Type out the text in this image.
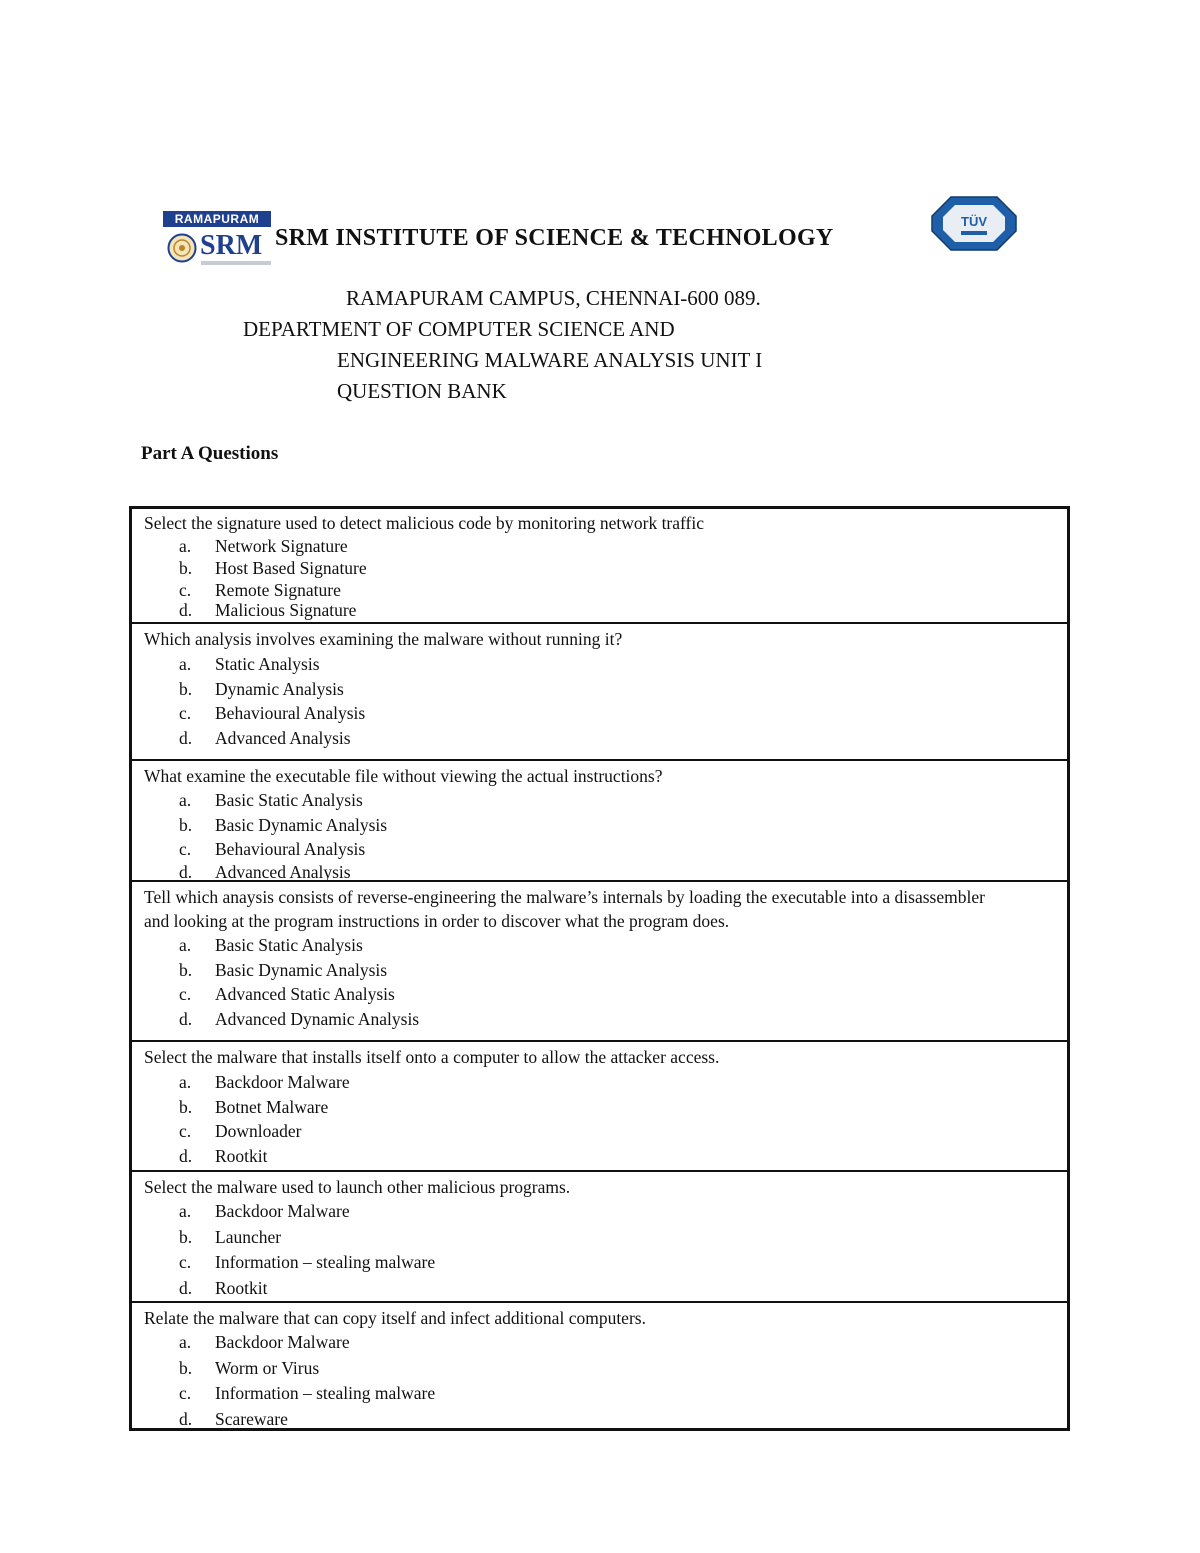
RAMAPURAM
SRM
TÜV
SRM INSTITUTE OF SCIENCE & TECHNOLOGY
RAMAPURAM CAMPUS, CHENNAI-600 089.
DEPARTMENT OF COMPUTER SCIENCE AND
ENGINEERING MALWARE ANALYSIS UNIT I
QUESTION BANK
Part A Questions
Select the signature used to detect malicious code by monitoring network traffic
a.	Network Signature
b.	Host Based Signature
c.	Remote Signature
d.	Malicious Signature
Which analysis involves examining the malware without running it?
a.	Static Analysis
b.	Dynamic Analysis
c.	Behavioural Analysis
d.	Advanced Analysis
What examine the executable file without viewing the actual instructions?
a.	Basic Static Analysis
b.	Basic Dynamic Analysis
c.	Behavioural Analysis
d.	Advanced Analysis
Tell which anaysis consists of reverse-engineering the malware’s internals by loading the executable into a disassembler and looking at the program instructions in order to discover what the program does.
a.	Basic Static Analysis
b.	Basic Dynamic Analysis
c.	Advanced Static Analysis
d.	Advanced Dynamic Analysis
Select the malware that installs itself onto a computer to allow the attacker access.
a.	Backdoor Malware
b.	Botnet Malware
c.	Downloader
d.	Rootkit
Select the malware used to launch other malicious programs.
a.	Backdoor Malware
b.	Launcher
c.	Information – stealing malware
d.	Rootkit
Relate the malware that can copy itself and infect additional computers.
a.	Backdoor Malware
b.	Worm or Virus
c.	Information – stealing malware
d.	Scareware
